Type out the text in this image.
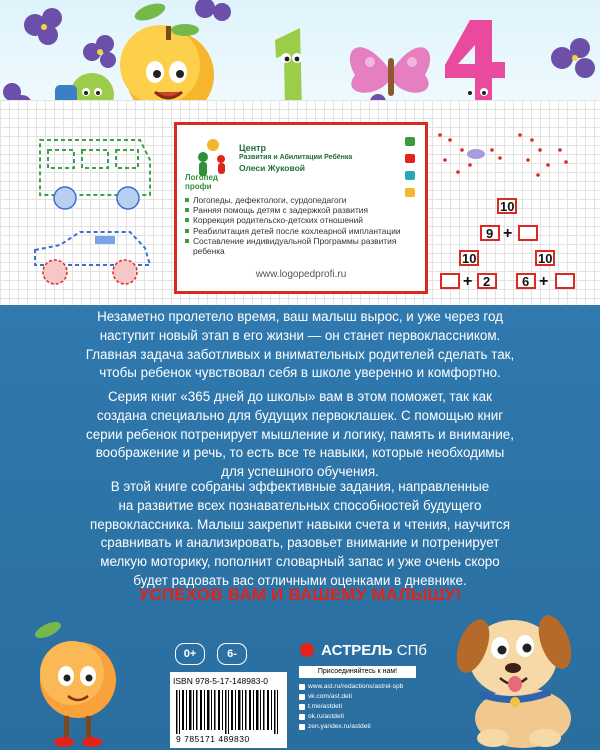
10
9 +
10
+ 2
10
6 +
Логопед
профи
Центр
Развития и Абилитации Ребёнка
Олеси Жуковой
Логопеды, дефектологи, сурдопедагоги
Ранняя помощь детям с задержкой развития
Коррекция родительско-детских отношений
Реабилитация детей после кохлеарной имплантации
Составление индивидуальной Программы развития
ребенка
www.logopedprofi.ru
Незаметно пролетело время, ваш малыш вырос, и уже через год
наступит новый этап в его жизни — он станет первоклассником.
Главная задача заботливых и внимательных родителей сделать так,
чтобы ребенок чувствовал себя в школе уверенно и комфортно.
Серия книг «365 дней до школы» вам в этом поможет, так как
создана специально для будущих первоклашек. С помощью книг
серии ребенок потренирует мышление и логику, память и внимание,
воображение и речь, то есть все те навыки, которые необходимы
для успешного обучения.
В этой книге собраны эффективные задания, направленные
на развитие всех познавательных способностей будущего
первоклассника. Малыш закрепит навыки счета и чтения, научится
сравнивать и анализировать, разовьет внимание и потренирует
мелкую моторику, пополнит словарный запас и уже очень скоро
будет радовать вас отличными оценками в дневнике.
УСПЕХОВ ВАМ И ВАШЕМУ МАЛЫШУ!
0+	6-
ISBN 978-5-17-148983-0
9 785171 489830
АСТРЕЛЬ СПб
Присоединяйтесь к нам!
www.ast.ru/redactions/astrel-spb
vk.com/ast.deti
t.me/astdeti
ok.ru/astdeti
zen.yandex.ru/astdeti
